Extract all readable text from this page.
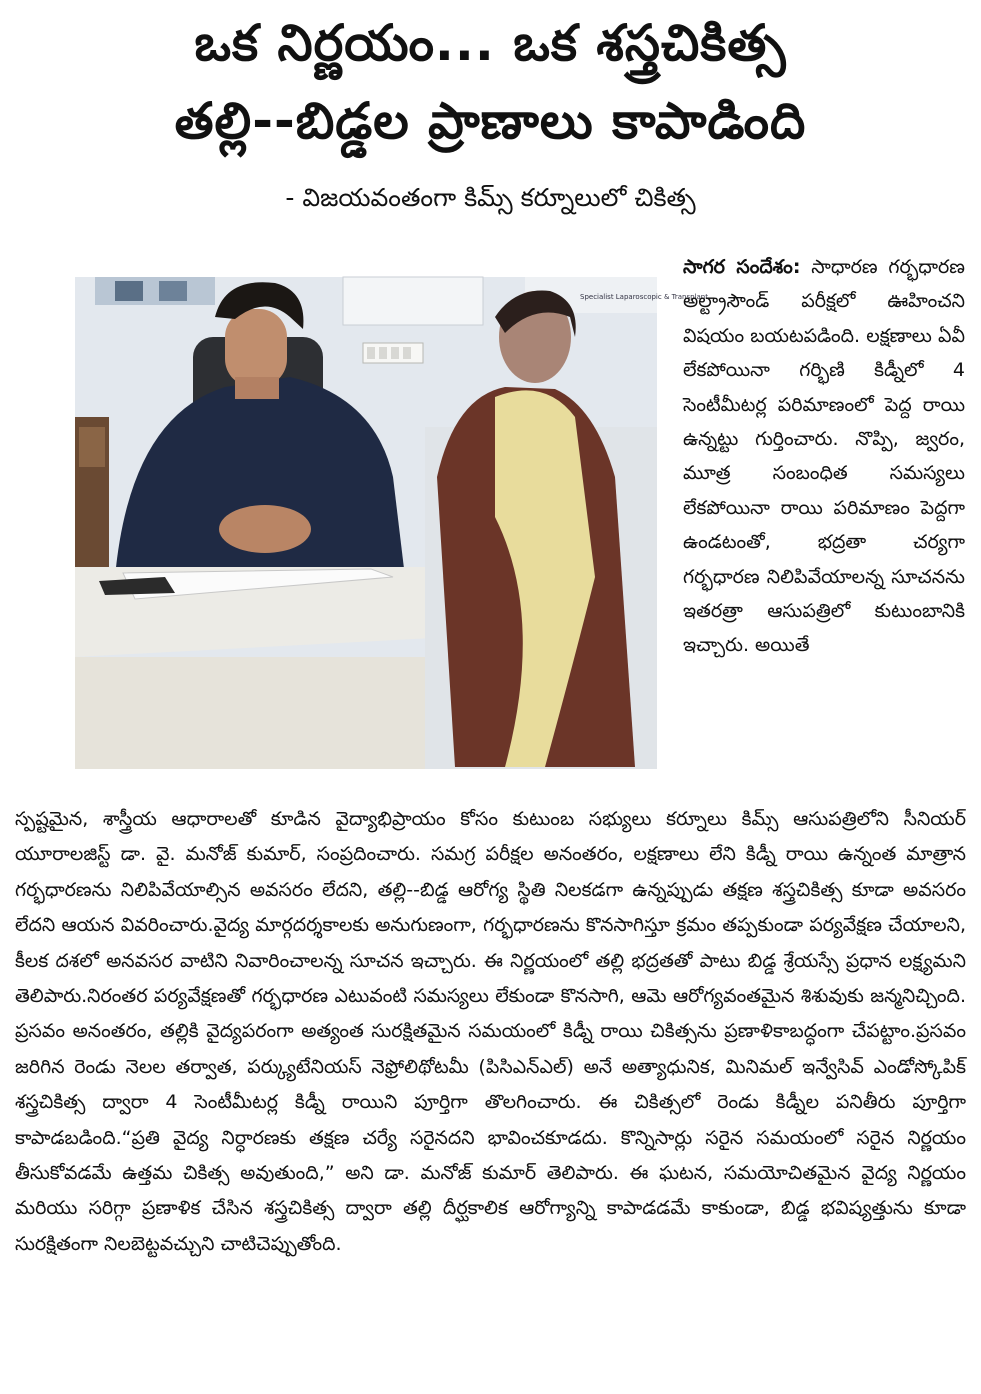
ఒక నిర్ణయం... ఒక శస్త్రచికిత్స
తల్లి--బిడ్డల ప్రాణాలు కాపాడింది
- విజయవంతంగా కిమ్స్ కర్నూలులో చికిత్స
Specialist Laparoscopic & Transplant

సాగర సందేశం: సాధారణ గర్భధారణ అల్ట్రాసౌండ్ పరీక్షలో ఊహించని విషయం బయటపడింది. లక్షణాలు ఏవీ లేకపోయినా గర్భిణి కిడ్నీలో 4 సెంటీమీటర్ల పరిమాణంలో పెద్ద రాయి ఉన్నట్టు గుర్తించారు. నొప్పి, జ్వరం, మూత్ర సంబంధిత సమస్యలు లేకపోయినా రాయి పరిమాణం పెద్దగా ఉండటంతో, భద్రతా చర్యగా గర్భధారణ నిలిపివేయాలన్న సూచనను ఇతరత్రా ఆసుపత్రిలో కుటుంబానికి ఇచ్చారు. అయితే

స్పష్టమైన, శాస్త్రీయ ఆధారాలతో కూడిన వైద్యాభిప్రాయం కోసం కుటుంబ సభ్యులు కర్నూలు కిమ్స్ ఆసుపత్రిలోని సీనియర్ యూరాలజిస్ట్ డా. వై. మనోజ్ కుమార్, సంప్రదించారు. సమగ్ర పరీక్షల అనంతరం, లక్షణాలు లేని కిడ్నీ రాయి ఉన్నంత మాత్రాన గర్భధారణను నిలిపివేయాల్సిన అవసరం లేదని, తల్లి--బిడ్డ ఆరోగ్య స్థితి నిలకడగా ఉన్నప్పుడు తక్షణ శస్త్రచికిత్స కూడా అవసరం లేదని ఆయన వివరించారు.వైద్య మార్గదర్శకాలకు అనుగుణంగా, గర్భధారణను కొనసాగిస్తూ క్రమం తప్పకుండా పర్యవేక్షణ చేయాలని, కీలక దశలో అనవసర వాటిని నివారించాలన్న సూచన ఇచ్చారు. ఈ నిర్ణయంలో తల్లి భద్రతతో పాటు బిడ్డ శ్రేయస్సే ప్రధాన లక్ష్యమని తెలిపారు.నిరంతర పర్యవేక్షణతో గర్భధారణ ఎటువంటి సమస్యలు లేకుండా కొనసాగి, ఆమె ఆరోగ్యవంతమైన శిశువుకు జన్మనిచ్చింది. ప్రసవం అనంతరం, తల్లికి వైద్యపరంగా అత్యంత సురక్షితమైన సమయంలో కిడ్నీ రాయి చికిత్సను ప్రణాళికాబద్ధంగా చేపట్టాం.ప్రసవం జరిగిన రెండు నెలల తర్వాత, పర్క్యుటేనియస్ నెఫ్రోలిథోటమీ (పిసిఎన్ఎల్) అనే అత్యాధునిక, మినిమల్ ఇన్వేసివ్ ఎండోస్కోపిక్ శస్త్రచికిత్స ద్వారా 4 సెంటీమీటర్ల కిడ్నీ రాయిని పూర్తిగా తొలగించారు. ఈ చికిత్సలో రెండు కిడ్నీల పనితీరు పూర్తిగా కాపాడబడింది.“ప్రతి వైద్య నిర్ధారణకు తక్షణ చర్యే సరైనదని భావించకూడదు. కొన్నిసార్లు సరైన సమయంలో సరైన నిర్ణయం తీసుకోవడమే ఉత్తమ చికిత్స అవుతుంది,” అని డా. మనోజ్ కుమార్ తెలిపారు. ఈ ఘటన, సమయోచితమైన వైద్య నిర్ణయం మరియు సరిగ్గా ప్రణాళిక చేసిన శస్త్రచికిత్స ద్వారా తల్లి దీర్ఘకాలిక ఆరోగ్యాన్ని కాపాడడమే కాకుండా, బిడ్డ భవిష్యత్తును కూడా సురక్షితంగా నిలబెట్టవచ్చుని చాటిచెప్పుతోంది.
